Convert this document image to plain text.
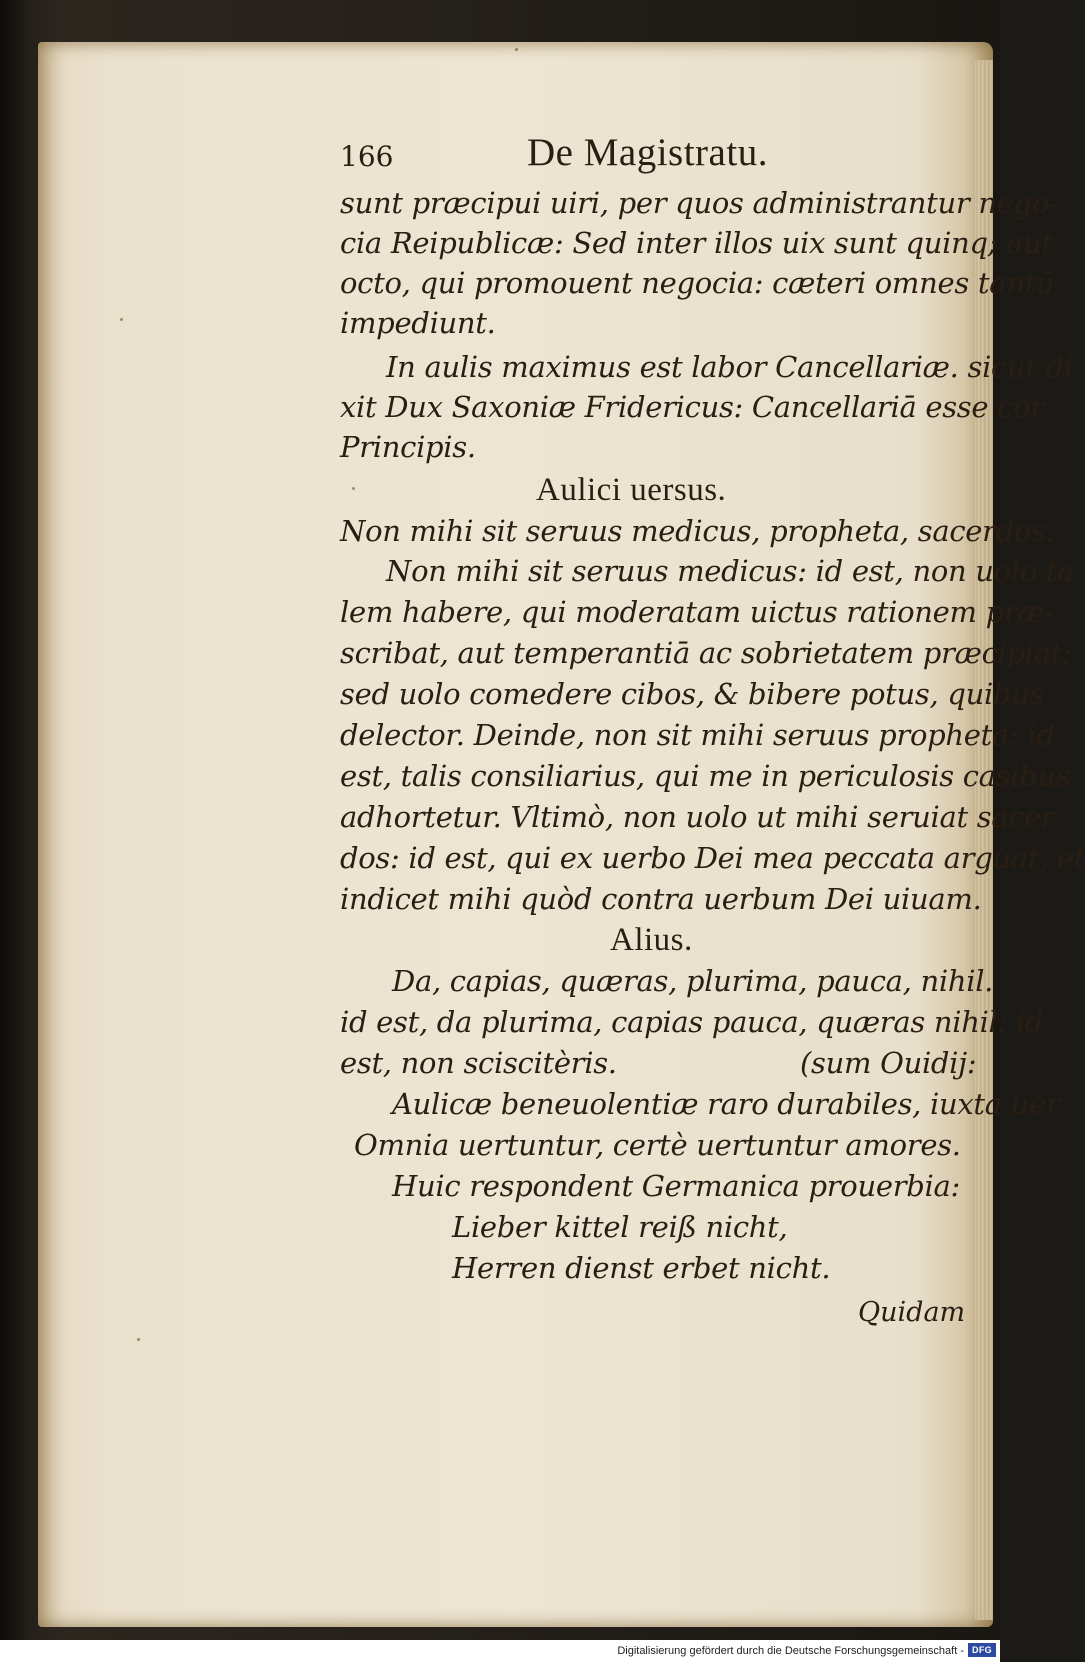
166	De Magistratu.
sunt præcipui uiri, per quos administrantur nego-
cia Reipublicæ: Sed inter illos uix sunt quinq; aut
octo, qui promouent negocia: cæteri omnes tantū
impediunt.
In aulis maximus est labor Cancellariæ. sicut di
xit Dux Saxoniæ Fridericus: Cancellariā esse cor
Principis.
Aulici uersus.
Non mihi sit seruus medicus, propheta, sacerdos.
Non mihi sit seruus medicus: id est, non uolo ta
lem habere, qui moderatam uictus rationem præ-
scribat, aut temperantiā ac sobrietatem præcipiat:
sed uolo comedere cibos, & bibere potus, quibus
delector. Deinde, non sit mihi seruus propheta: id
est, talis consiliarius, qui me in periculosis casibus
adhortetur. Vltimò, non uolo ut mihi seruiat sacer
dos: id est, qui ex uerbo Dei mea peccata arguat, et
indicet mihi quòd contra uerbum Dei uiuam.
Alius.
Da, capias, quæras, plurima, pauca, nihil.
id est, da plurima, capias pauca, quæras nihil: id
est, non sciscitèris.	(sum Ouidij:
Aulicæ beneuolentiæ raro durabiles, iuxta uer
Omnia uertuntur, certè uertuntur amores.
Huic respondent Germanica prouerbia:
Lieber kittel reiß nicht,
Herren dienst erbet nicht.
Quidam
Digitalisierung gefördert durch die Deutsche Forschungsgemeinschaft - DFG
